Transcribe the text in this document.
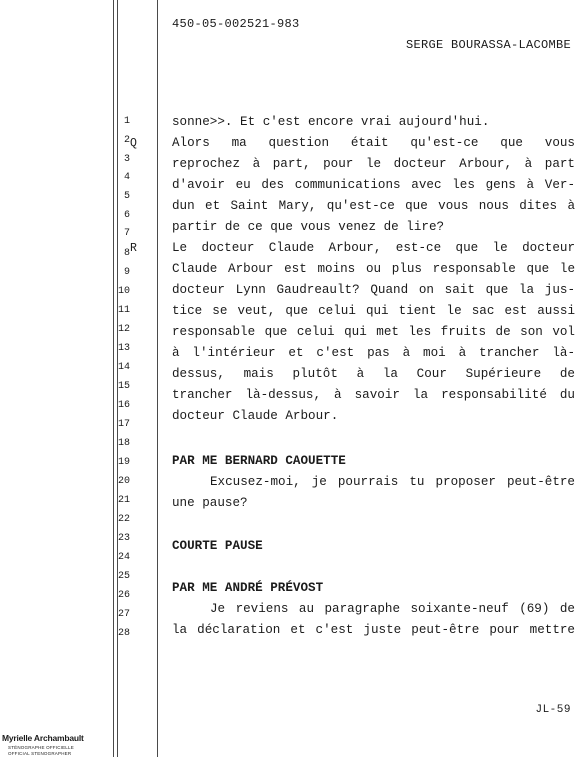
450-05-002521-983
SERGE BOURASSA-LACOMBE
1
2
3
4
5
6
7
8
9
10
11
12
13
14
15
16
17
18
19
20
21
22
23
24
25
26
27
28
Q
R
sonne>>. Et c'est encore vrai aujourd'hui.
Alors ma question était qu'est-ce que vous
reprochez à part, pour le docteur Arbour, à part
d'avoir eu des communications avec les gens à Ver-
dun et Saint Mary, qu'est-ce que vous nous dites à
partir de ce que vous venez de lire?
Le docteur Claude Arbour, est-ce que le docteur
Claude Arbour est moins ou plus responsable que le
docteur Lynn Gaudreault? Quand on sait que la jus-
tice se veut, que celui qui tient le sac est aussi
responsable que celui qui met les fruits de son vol
à l'intérieur et c'est pas à moi à trancher là-
dessus, mais plutôt à la Cour Supérieure de
trancher là-dessus, à savoir la responsabilité du
docteur Claude Arbour.
PAR ME BERNARD CAOUETTE
Excusez-moi, je pourrais tu proposer peut-être
une pause?
COURTE PAUSE
PAR ME ANDRÉ PRÉVOST
Je reviens au paragraphe soixante-neuf (69) de
la déclaration et c'est juste peut-être pour mettre
JL-59
Myrielle Archambault
STÉNOGRAPHE OFFICIELLE
OFFICIAL STENOGRAPHER
